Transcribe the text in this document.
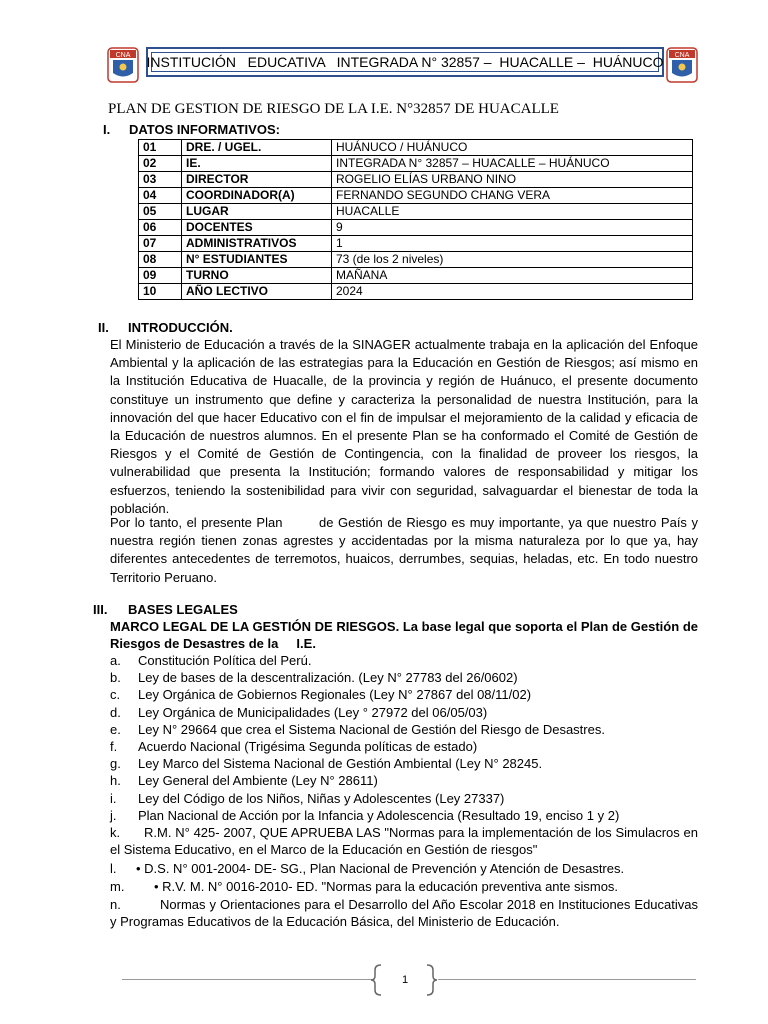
CNA INSTITUCIÓN   EDUCATIVA   INTEGRADA N° 32857 –  HUACALLE –  HUÁNUCO CNA
PLAN DE GESTION DE RIESGO DE LA I.E. N°32857 DE HUACALLE
I. DATOS INFORMATIVOS:
01	DRE. / UGEL.	HUÁNUCO / HUÁNUCO
02	IE.	INTEGRADA N° 32857 – HUACALLE – HUÁNUCO
03	DIRECTOR	ROGELIO ELÍAS URBANO NINO
04	COORDINADOR(A)	FERNANDO SEGUNDO CHANG VERA
05	LUGAR	HUACALLE
06	DOCENTES	9
07	ADMINISTRATIVOS	1
08	N° ESTUDIANTES	73 (de los 2 niveles)
09	TURNO	MAÑANA
10	AÑO LECTIVO	2024
II. INTRODUCCIÓN.
El Ministerio de Educación a través de la SINAGER actualmente trabaja en la aplicación del Enfoque Ambiental y la aplicación de las estrategias para la Educación en Gestión de Riesgos; así mismo en la Institución Educativa de Huacalle, de la provincia y región de Huánuco, el presente documento constituye un instrumento que define y caracteriza la personalidad de nuestra Institución, para la innovación del que hacer Educativo con el fin de impulsar el mejoramiento de la calidad y eficacia de la Educación de nuestros alumnos. En el presente Plan se ha conformado el Comité de Gestión de Riesgos y el Comité de Gestión de Contingencia, con la finalidad de proveer los riesgos, la vulnerabilidad que presenta la Institución; formando valores de responsabilidad y mitigar los esfuerzos, teniendo la sostenibilidad para vivir con seguridad, salvaguardar el bienestar de toda la población.
Por lo tanto, el presente Plan        de Gestión de Riesgo es muy importante, ya que nuestro País y nuestra región tienen zonas agrestes y accidentadas por la misma naturaleza por lo que ya, hay diferentes antecedentes de terremotos, huaicos, derrumbes, sequias, heladas, etc. En todo nuestro Territorio Peruano.
III. BASES LEGALES
MARCO LEGAL DE LA GESTIÓN DE RIESGOS. La base legal que soporta el Plan de Gestión de Riesgos de Desastres de la     I.E.
a. Constitución Política del Perú.
b. Ley de bases de la descentralización. (Ley N° 27783 del 26/0602)
c. Ley Orgánica de Gobiernos Regionales (Ley N° 27867 del 08/11/02)
d. Ley Orgánica de Municipalidades (Ley ° 27972 del 06/05/03)
e. Ley N° 29664 que crea el Sistema Nacional de Gestión del Riesgo de Desastres.
f. Acuerdo Nacional (Trigésima Segunda políticas de estado)
g. Ley Marco del Sistema Nacional de Gestión Ambiental (Ley N° 28245.
h. Ley General del Ambiente (Ley N° 28611)
i. Ley del Código de los Niños, Niñas y Adolescentes (Ley 27337)
j. Plan Nacional de Acción por la Infancia y Adolescencia (Resultado 19, enciso 1 y 2)
k. R.M. N° 425- 2007, QUE APRUEBA LAS "Normas para la implementación de los Simulacros en el Sistema Educativo, en el Marco de la Educación en Gestión de riesgos"
l. • D.S. N° 001-2004- DE- SG., Plan Nacional de Prevención y Atención de Desastres.
m. • R.V. M. N° 0016-2010- ED. "Normas para la educación preventiva ante sismos.
n.	Normas y Orientaciones para el Desarrollo del Año Escolar 2018 en Instituciones Educativas y Programas Educativos de la Educación Básica, del Ministerio de Educación.
1
